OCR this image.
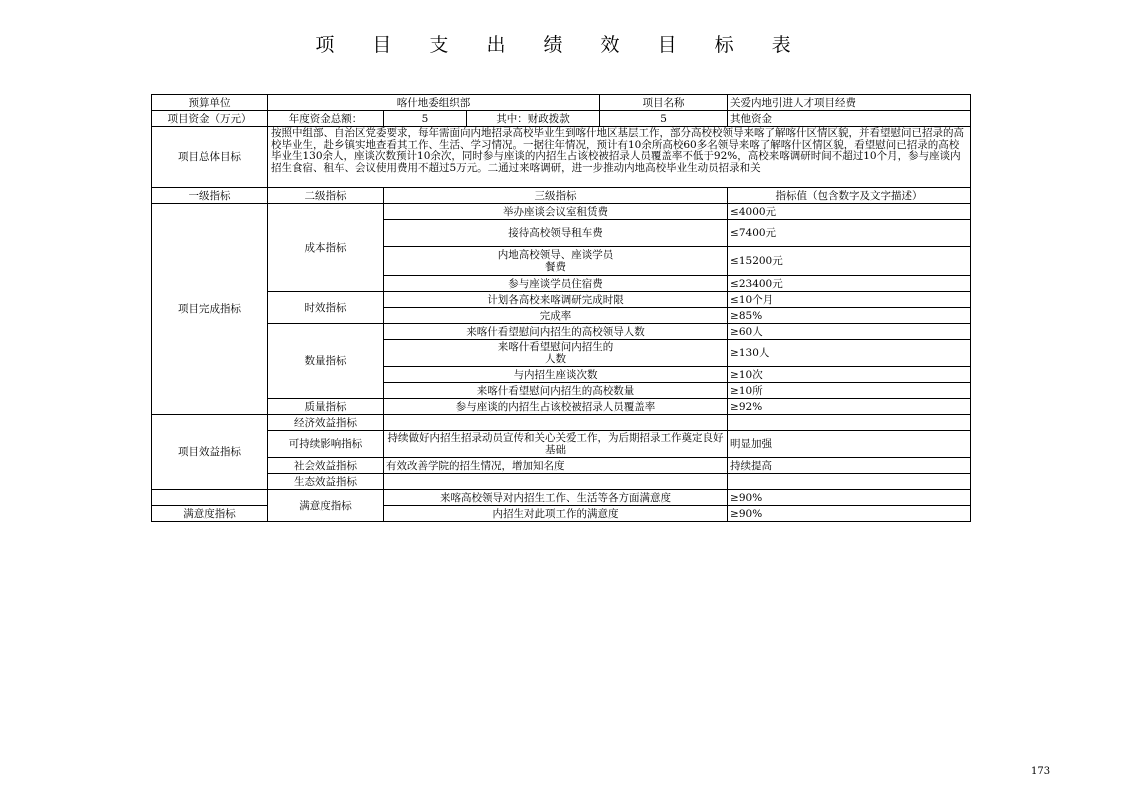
项 目 支 出 绩 效 目 标 表
预算单位	喀什地委组织部			项目名称	关爱内地引进人才项目经费
项目资金（万元）	年度资金总额：	5	其中：财政拨款	5	其他资金
项目总体目标	按照中组部、自治区党委要求，每年需面向内地招录高校毕业生到喀什地区基层工作，部分高校校领导来喀了解喀什区情区貌，并看望慰问已招录的高校毕业生，赴乡镇实地查看其工作、生活、学习情况。一据往年情况，预计有10余所高校60多名领导来喀了解喀什区情区貌，看望慰问已招录的高校毕业生130余人，座谈次数预计10余次，同时参与座谈的内招生占该校被招录人员覆盖率不低于92%，高校来喀调研时间不超过10个月，参与座谈内招生食宿、租车、会议使用费用不超过5万元。二通过来喀调研，进一步推动内地高校毕业生动员招录和关				
一级指标	二级指标	三级指标			指标值（包含数字及文字描述）
项目完成指标	成本指标	举办座谈会议室租赁费			≤4000元
		接待高校领导租车费			≤7400元
		内地高校领导、座谈学员餐费			≤15200元
		参与座谈学员住宿费			≤23400元
	时效指标	计划各高校来喀调研完成时限			≤10个月
		完成率			≥85%
	数量指标	来喀什看望慰问内招生的高校领导人数			≥60人
		来喀什看望慰问内招生的人数			≥130人
		与内招生座谈次数			≥10次
		来喀什看望慰问内招生的高校数量			≥10所
	质量指标	参与座谈的内招生占该校被招录人员覆盖率			≥92%
项目效益指标	经济效益指标				
	可持续影响指标	持续做好内招生招录动员宣传和关心关爱工作，为后期招录工作奠定良好基础			明显加强
	社会效益指标	有效改善学院的招生情况，增加知名度			持续提高
	生态效益指标				
	满意度指标	来喀高校领导对内招生工作、生活等各方面满意度			≥90%
满意度指标		内招生对此项工作的满意度			≥90%
173
